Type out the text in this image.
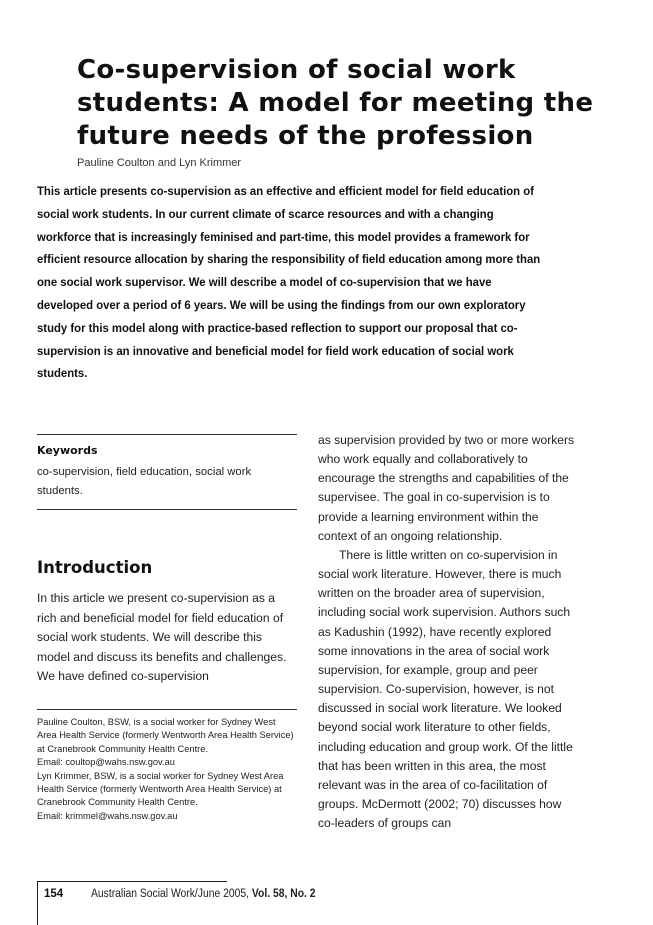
Co-supervision of social work students: A model for meeting the future needs of the profession

Pauline Coulton and Lyn Krimmer

This article presents co-supervision as an effective and efficient model for field education of social work students. In our current climate of scarce resources and with a changing workforce that is increasingly feminised and part-time, this model provides a framework for efficient resource allocation by sharing the responsibility of field education among more than one social work supervisor. We will describe a model of co-supervision that we have developed over a period of 6 years. We will be using the findings from our own exploratory study for this model along with practice-based reflection to support our proposal that co-supervision is an innovative and beneficial model for field work education of social work students.

Keywords

co-supervision, field education, social work students.

Introduction

In this article we present co-supervision as a rich and beneficial model for field education of social work students. We will describe this model and discuss its benefits and challenges. We have defined co-supervision

Pauline Coulton, BSW, is a social worker for Sydney West Area Health Service (formerly Wentworth Area Health Service) at Cranebrook Community Health Centre.

Email: coultop@wahs.nsw.gov.au

Lyn Krimmer, BSW, is a social worker for Sydney West Area Health Service (formerly Wentworth Area Health Service) at Cranebrook Community Health Centre.

Email: krimmel@wahs.nsw.gov.au

as supervision provided by two or more workers who work equally and collaboratively to encourage the strengths and capabilities of the supervisee. The goal in co-supervision is to provide a learning environment within the context of an ongoing relationship.

There is little written on co-supervision in social work literature. However, there is much written on the broader area of supervision, including social work supervision. Authors such as Kadushin (1992), have recently explored some innovations in the area of social work supervision, for example, group and peer supervision. Co-supervision, however, is not discussed in social work literature. We looked beyond social work literature to other fields, including education and group work. Of the little that has been written in this area, the most relevant was in the area of co-facilitation of groups. McDermott (2002; 70) discusses how co-leaders of groups can

154 Australian Social Work/June 2005, Vol. 58, No. 2
